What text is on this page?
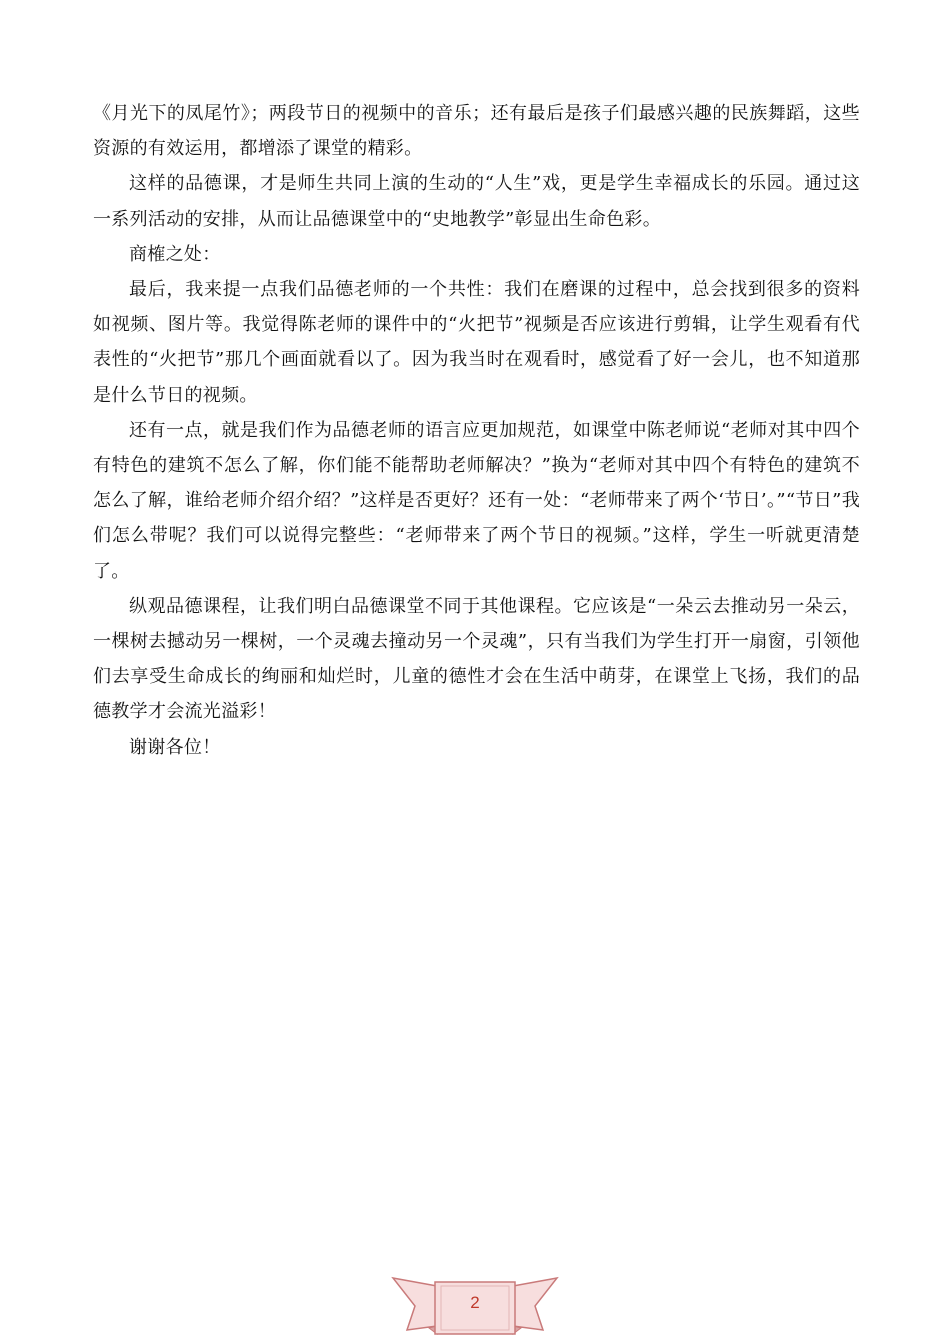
《月光下的凤尾竹》；两段节日的视频中的音乐；还有最后是孩子们最感兴趣的民族舞蹈，这些资源的有效运用，都增添了课堂的精彩。

这样的品德课，才是师生共同上演的生动的“人生”戏，更是学生幸福成长的乐园。通过这一系列活动的安排，从而让品德课堂中的“史地教学”彰显出生命色彩。

商榷之处：

最后，我来提一点我们品德老师的一个共性：我们在磨课的过程中，总会找到很多的资料如视频、图片等。我觉得陈老师的课件中的“火把节”视频是否应该进行剪辑，让学生观看有代表性的“火把节”那几个画面就看以了。因为我当时在观看时，感觉看了好一会儿，也不知道那是什么节日的视频。

还有一点，就是我们作为品德老师的语言应更加规范，如课堂中陈老师说“老师对其中四个有特色的建筑不怎么了解，你们能不能帮助老师解决？”换为“老师对其中四个有特色的建筑不怎么了解，谁给老师介绍介绍？”这样是否更好？还有一处：“老师带来了两个‘节日’。”“节日”我们怎么带呢？我们可以说得完整些：“老师带来了两个节日的视频。”这样，学生一听就更清楚了。

纵观品德课程，让我们明白品德课堂不同于其他课程。它应该是“一朵云去推动另一朵云，一棵树去撼动另一棵树，一个灵魂去撞动另一个灵魂”，只有当我们为学生打开一扇窗，引领他们去享受生命成长的绚丽和灿烂时，儿童的德性才会在生活中萌芽，在课堂上飞扬，我们的品德教学才会流光溢彩！

谢谢各位！

2
